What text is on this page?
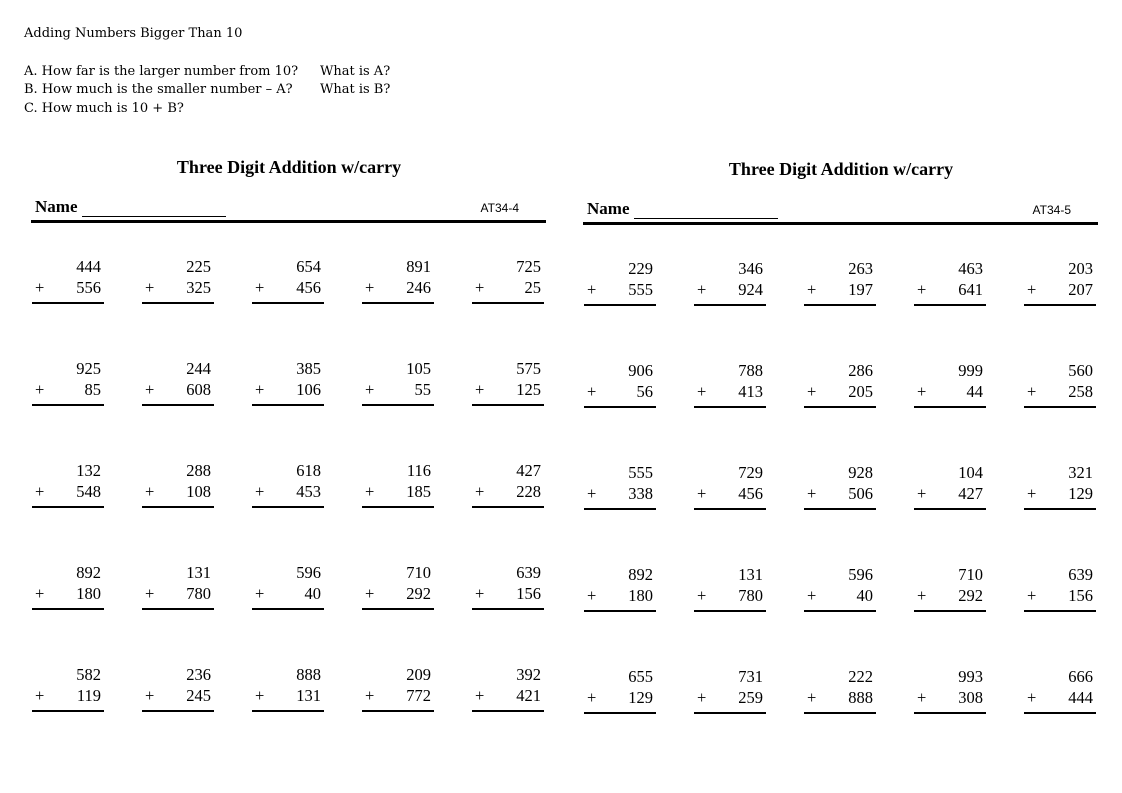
Adding Numbers Bigger Than 10
A. How far is the larger number from 10?	What is A?
B. How much is the smaller number – A?	What is B?
C. How much is 10 + B?
Three Digit Addition w/carry
Name	AT34-4
444
+ 556
225
+ 325
654
+ 456
891
+ 246
725
+ 25
925
+ 85
244
+ 608
385
+ 106
105
+ 55
575
+ 125
132
+ 548
288
+ 108
618
+ 453
116
+ 185
427
+ 228
892
+ 180
131
+ 780
596
+ 40
710
+ 292
639
+ 156
582
+ 119
236
+ 245
888
+ 131
209
+ 772
392
+ 421
Three Digit Addition w/carry
Name	AT34-5
229
+ 555
346
+ 924
263
+ 197
463
+ 641
203
+ 207
906
+ 56
788
+ 413
286
+ 205
999
+ 44
560
+ 258
555
+ 338
729
+ 456
928
+ 506
104
+ 427
321
+ 129
892
+ 180
131
+ 780
596
+ 40
710
+ 292
639
+ 156
655
+ 129
731
+ 259
222
+ 888
993
+ 308
666
+ 444
